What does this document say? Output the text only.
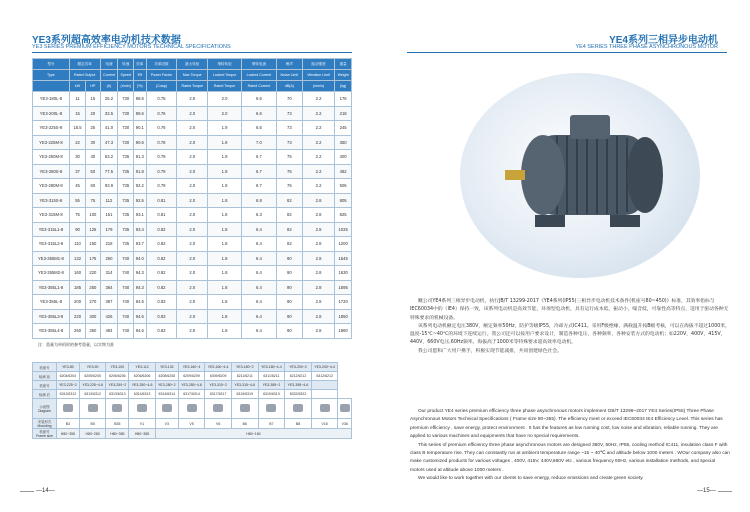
YE3系列超高效率电动机技术数据
YE3 SERIES PREMIUM EFFICIENCY MOTORS TECHNICAL SPECIFICATIONS
型号	额定功率		电流	转速	效率	功率因数	最大转矩	堵转转矩	堵转电流	噪声	振动强度	重量
Type	Rated Output		Current	Speed	Eff	Power Factor	Max Torque	Locked Torque	Locked Current	Noise Limit	Vibration Limit	Weight
	kW	HP	(A)	(r/min)	(%)	(Cosφ)	Rated Torque	Rated Torque	Rated Current	dB(A)	(mm/s)	(kg)
YE3-180L-8	11	15	25.2	730	88.6	0.75	2.0	2.0	6.6	70	2.2	176
YE3-200L-8	15	20	33.5	730	89.6	0.76	2.0	2.0	6.6	73	2.2	218
YE3-225S-8	18.5	25	41.0	730	90.1	0.76	2.0	1.9	6.6	73	2.2	245
YE3-225M-8	22	30	47.3	730	90.6	0.78	2.0	1.9	7.0	73	2.2	350
YE3-250M-8	30	40	63.2	735	91.3	0.79	2.0	1.9	6.7	75	2.2	400
YE3-280S-8	37	50	77.5	735	91.8	0.79	2.0	1.9	6.7	76	2.2	482
YE3-280M-8	45	60	93.9	735	92.2	0.79	2.0	1.9	6.7	76	2.2	505
YE3-315S-8	55	75	112	735	92.5	0.81	2.0	1.8	6.8	82	2.8	805
YE3-315M-8	75	100	151	735	93.1	0.81	2.0	1.8	6.3	82	2.8	825
YE3-315L1-8	90	125	179	735	93.4	0.82	2.0	1.8	6.4	82	2.8	1025
YE3-315L2-8	110	150	218	735	93.7	0.82	2.0	1.8	6.4	82	2.8	1200
YE3-355M1-8	132	175	260	740	94.0	0.82	2.0	1.8	6.4	90	2.8	1545
YE3-355M2-8	160	220	314	740	94.3	0.82	2.0	1.8	6.4	90	2.8	1630
YE3-355L1-8	185	250	364	740	94.3	0.82	2.0	1.8	6.4	90	2.8	1695
YE3-355L-8	200	270	387	740	94.6	0.83	2.0	1.8	6.4	90	2.8	1720
YE3-355L3-8	220	300	426	740	94.6	0.83	2.0	1.8	6.4	90	2.8	1850
YE3-355L4-8	250	350	484	740	94.6	0.83	2.0	1.8	6.4	90	2.8	1980
注：重量为单机时的参考重量，以实物为准
机座号	YE3-80	YE3-90	YE3-100	YE3-112	YE3-132	YE3-160~4	YE3-160~4-4	YE3-180~2	YE3-180~4-4	YE3-200~2	YE3-200~4-4	
轴承 前	6204/6204	6205/6205	6206/6206	6206/6206	6208/6208	6209/6209	6309/6209	6211/6211	6311/6211	6212/6212	6312/6212	
机座号	YE3-225~2	YE3-225~4-6	YE3-250~2	YE3-250~4-6	YE3-280~2	YE3-280~4-6	YE3-315~2	YE3-315~4-6	YE3-355~2	YE3-355~4-6		
轴承 后	6312/6312	6313/6312	6313/6313	6314/6313	6314/6314	6317/6314	6317/6317	6319/6319	6319/6319	6322/6322		

示意图
Diagram												

安装形式
Mounting	B3	B5	B35	V1	V3	V5	V6	B6	B7	B8	V15	V36

机座号
Frame size	H80~355	H80~280	H80~355	H80~355	H80~160							
—14—
YE4系列三相异步电动机
YE4 SERIES THREE PHASE ASYNCHRONOUS MOTOR

概公司YE4系列三相异步电动机，执行JB/T 13299-2017《YE4系列(IP55)三相异步电动机技术条件(机座号80~450)》标准，其效率指标与IEC60034中的（IE4）保持一致，该系列电动机是高效节能，环保型电动机，具有运行成本低，振动小，噪音低，可靠性高等特点，适用于驱动各种无特殊要求的机械设备。

该系列电动机额定电压380V，额定频率50Hz，防护等级IP55，冷却方式IC411。采用F级绝缘，满载温升按B级考核，可以在海拔不超过1000米，温度-15℃~40℃的环境下连续运行。我公司还可以按用户要求设计，制造各种电压，各种频率，各种安装方式的电动机；如220V，400V，415V，440V，660V电压,60Hz频率，海拔高于1000米等特殊要求超高效率电动机。

我公司愿和广大用户携手，积极实现节能减排，共同创建绿色社会。

Our product YE4 series premium efficiency three phase asynchronous motors implement GB/T 13299~2017 YE4 Series(IP55) Three Phase Asynchronous Motors Technical Specifications ( Frame size 80~355). The efficiency meet or exceed IEC60034 IE4 Efficiency Level. This series has premium efficiency , save energy, protect environment . It has the features as low running cost, low noise and vibration, reliable running. They are applied to various machines and equipments that have no special requirements.

This series of premium efficiency three phase asynchronous motors are designed 380V, 50Hz, IP55, cooling method IC411, insulation class F with class B temperature rise. They can constantly run at ambient temperature range ~15 ~ 40℃ and altitude below 1000 meters . WOur company also can make customized products for various voltages , 400V, 415V, 440V,660V etc , various frequency 60Hz, various installation methods, and special motors used at altitude above 1000 meters .

We would like to work together with our clients to save energy, reduce emissions and create green society.

—15—
